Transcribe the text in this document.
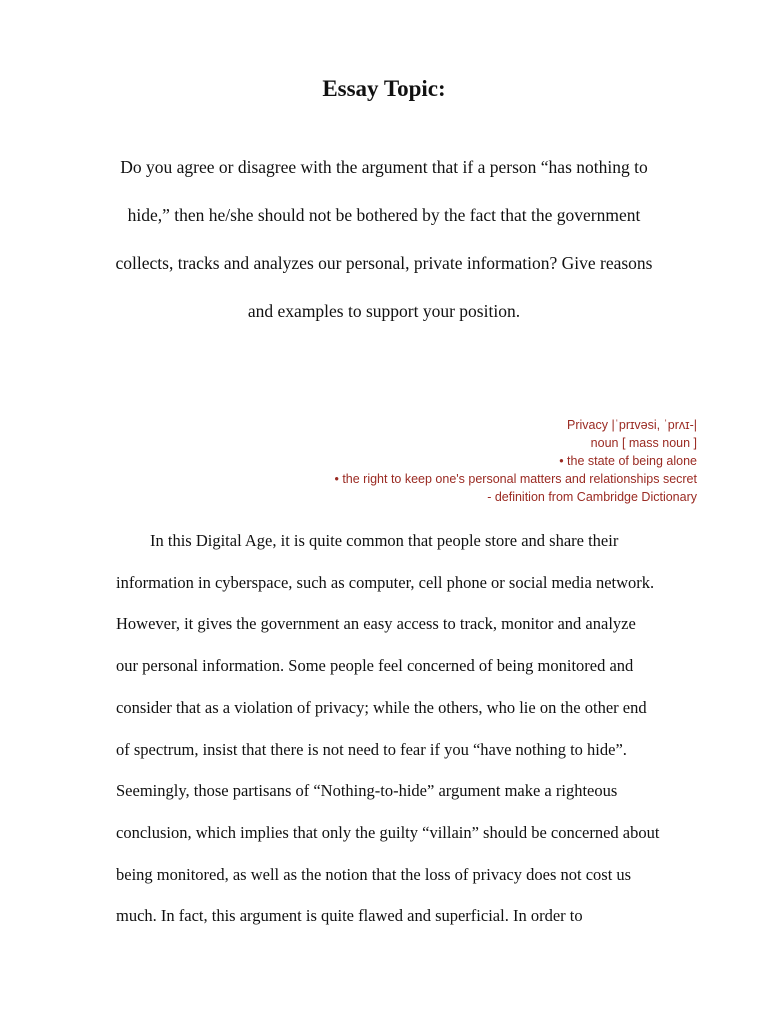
Essay Topic:
Do you agree or disagree with the argument that if a person “has nothing to
hide,” then he/she should not be bothered by the fact that the government
collects, tracks and analyzes our personal, private information? Give reasons
and examples to support your position.
Privacy |ˈprɪvəsi, ˈprʌɪ-|
noun [ mass noun ]
• the state of being alone
• the right to keep one's personal matters and relationships secret
- definition from Cambridge Dictionary
In this Digital Age, it is quite common that people store and share their
information in cyberspace, such as computer, cell phone or social media network.
However, it gives the government an easy access to track, monitor and analyze
our personal information. Some people feel concerned of being monitored and
consider that as a violation of privacy; while the others, who lie on the other end
of spectrum, insist that there is not need to fear if you “have nothing to hide”.
Seemingly, those partisans of “Nothing-to-hide” argument make a righteous
conclusion, which implies that only the guilty “villain” should be concerned about
being monitored, as well as the notion that the loss of privacy does not cost us
much. In fact, this argument is quite flawed and superficial. In order to
